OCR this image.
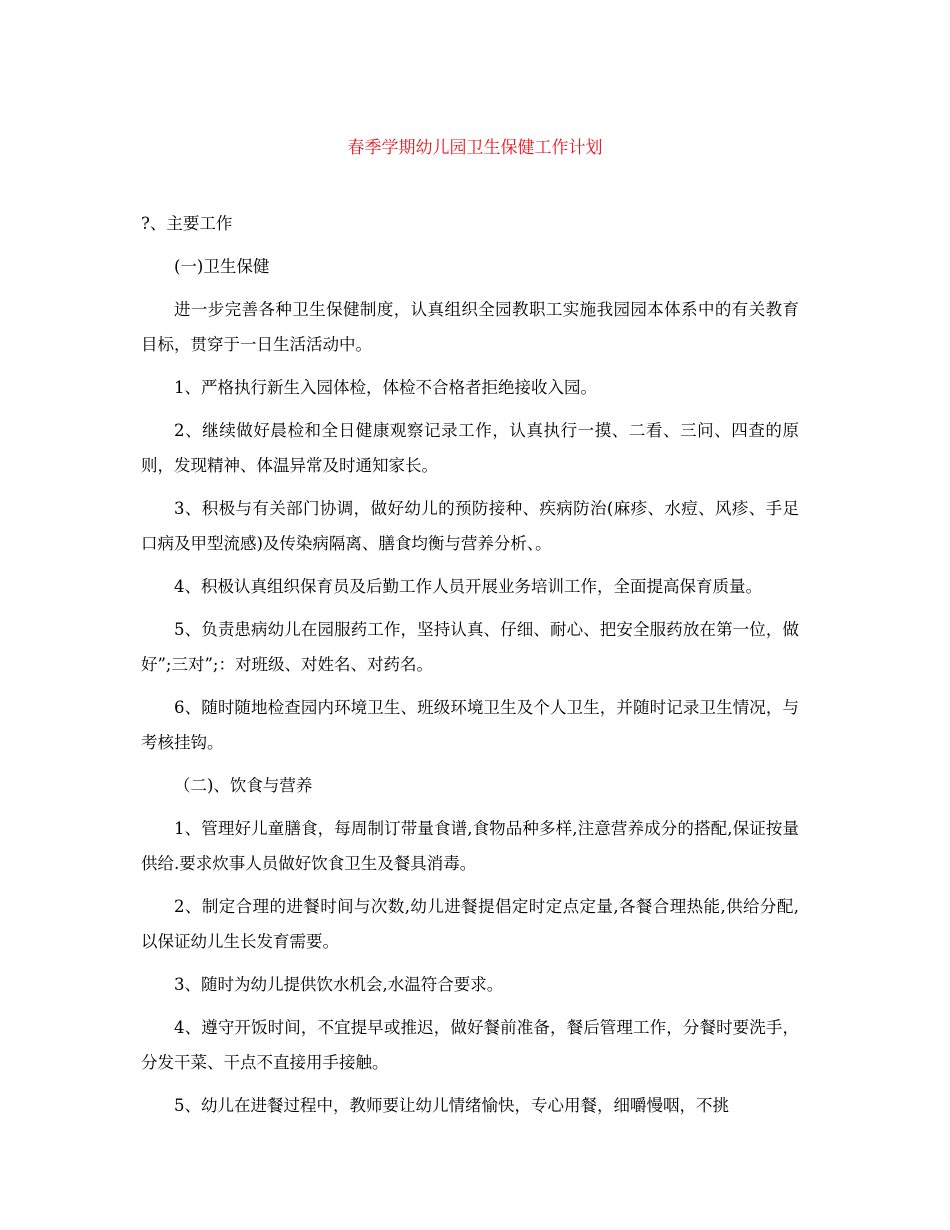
春季学期幼儿园卫生保健工作计划

?、主要工作

(一)卫生保健

进一步完善各种卫生保健制度，认真组织全园教职工实施我园园本体系中的有关教育目标，贯穿于一日生活活动中。

1、严格执行新生入园体检，体检不合格者拒绝接收入园。

2、继续做好晨检和全日健康观察记录工作，认真执行一摸、二看、三问、四查的原则，发现精神、体温异常及时通知家长。

3、积极与有关部门协调，做好幼儿的预防接种、疾病防治(麻疹、水痘、风疹、手足口病及甲型流感)及传染病隔离、膳食均衡与营养分析、。

4、积极认真组织保育员及后勤工作人员开展业务培训工作，全面提高保育质量。

5、负责患病幼儿在园服药工作，坚持认真、仔细、耐心、把安全服药放在第一位，做好”;三对”;：对班级、对姓名、对药名。

6、随时随地检查园内环境卫生、班级环境卫生及个人卫生，并随时记录卫生情况，与考核挂钩。

（二)、饮食与营养

1、管理好儿童膳食，每周制订带量食谱,食物品种多样,注意营养成分的搭配,保证按量供给.要求炊事人员做好饮食卫生及餐具消毒。

2、制定合理的进餐时间与次数,幼儿进餐提倡定时定点定量,各餐合理热能,供给分配,以保证幼儿生长发育需要。

3、随时为幼儿提供饮水机会,水温符合要求。

4、遵守开饭时间，不宜提早或推迟，做好餐前准备，餐后管理工作，分餐时要洗手，分发干菜、干点不直接用手接触。

5、幼儿在进餐过程中，教师要让幼儿情绪愉快，专心用餐，细嚼慢咽，不挑
